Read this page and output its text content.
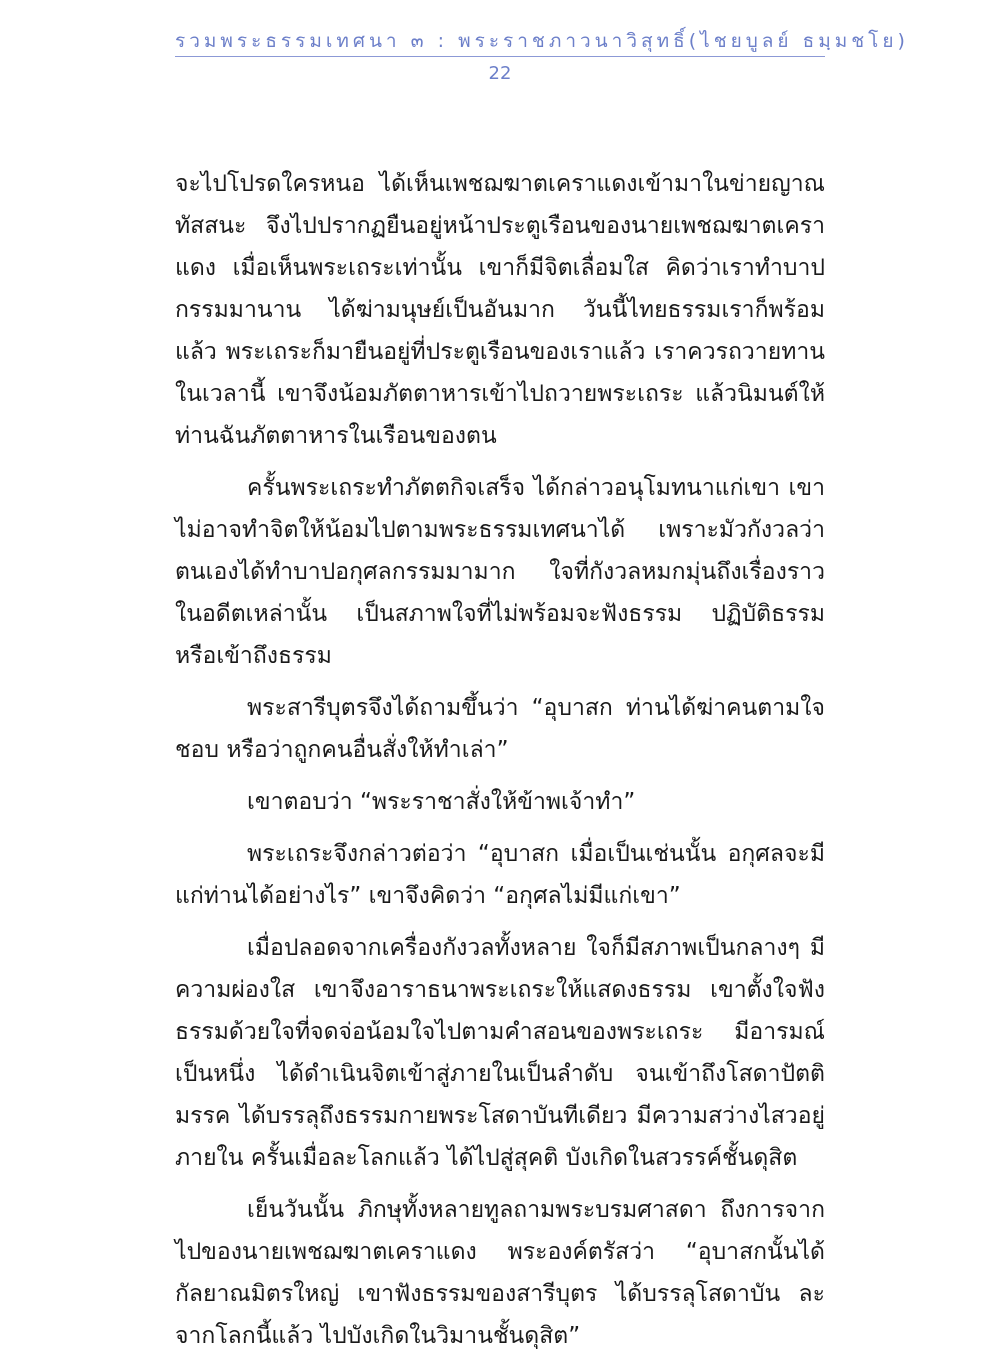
รวมพระธรรมเทศนา ๓ : พระราชภาวนาวิสุทธิ์(ไชยบูลย์ ธมฺมชโย)
22

จะไปโปรดใครหนอ ได้เห็นเพชฌฆาตเคราแดงเข้ามาในข่ายญาณทัสสนะ จึงไปปรากฏยืนอยู่หน้าประตูเรือนของนายเพชฌฆาตเคราแดง เมื่อเห็นพระเถระเท่านั้น เขาก็มีจิตเลื่อมใส คิดว่าเราทำบาปกรรมมานาน ได้ฆ่ามนุษย์เป็นอันมาก วันนี้ไทยธรรมเราก็พร้อมแล้ว พระเถระก็มายืนอยู่ที่ประตูเรือนของเราแล้ว เราควรถวายทานในเวลานี้ เขาจึงน้อมภัตตาหารเข้าไปถวายพระเถระ แล้วนิมนต์ให้ท่านฉันภัตตาหารในเรือนของตน

ครั้นพระเถระทำภัตตกิจเสร็จ ได้กล่าวอนุโมทนาแก่เขา เขาไม่อาจทำจิตให้น้อมไปตามพระธรรมเทศนาได้ เพราะมัวกังวลว่าตนเองได้ทำบาปอกุศลกรรมมามาก ใจที่กังวลหมกมุ่นถึงเรื่องราวในอดีตเหล่านั้น เป็นสภาพใจที่ไม่พร้อมจะฟังธรรม ปฏิบัติธรรม หรือเข้าถึงธรรม

พระสารีบุตรจึงได้ถามขึ้นว่า “อุบาสก ท่านได้ฆ่าคนตามใจชอบ หรือว่าถูกคนอื่นสั่งให้ทำเล่า”

เขาตอบว่า “พระราชาสั่งให้ข้าพเจ้าทำ”

พระเถระจึงกล่าวต่อว่า “อุบาสก เมื่อเป็นเช่นนั้น อกุศลจะมีแก่ท่านได้อย่างไร” เขาจึงคิดว่า “อกุศลไม่มีแก่เขา”

เมื่อปลอดจากเครื่องกังวลทั้งหลาย ใจก็มีสภาพเป็นกลางๆ มีความผ่องใส เขาจึงอาราธนาพระเถระให้แสดงธรรม เขาตั้งใจฟังธรรมด้วยใจที่จดจ่อน้อมใจไปตามคำสอนของพระเถระ มีอารมณ์เป็นหนึ่ง ได้ดำเนินจิตเข้าสู่ภายในเป็นลำดับ จนเข้าถึงโสดาปัตติมรรค ได้บรรลุถึงธรรมกายพระโสดาบันทีเดียว มีความสว่างไสวอยู่ภายใน ครั้นเมื่อละโลกแล้ว ได้ไปสู่สุคติ บังเกิดในสวรรค์ชั้นดุสิต

เย็นวันนั้น ภิกษุทั้งหลายทูลถามพระบรมศาสดา ถึงการจากไปของนายเพชฌฆาตเคราแดง พระองค์ตรัสว่า “อุบาสกนั้นได้กัลยาณมิตรใหญ่ เขาฟังธรรมของสารีบุตร ได้บรรลุโสดาบัน ละจากโลกนี้แล้ว ไปบังเกิดในวิมานชั้นดุสิต”
